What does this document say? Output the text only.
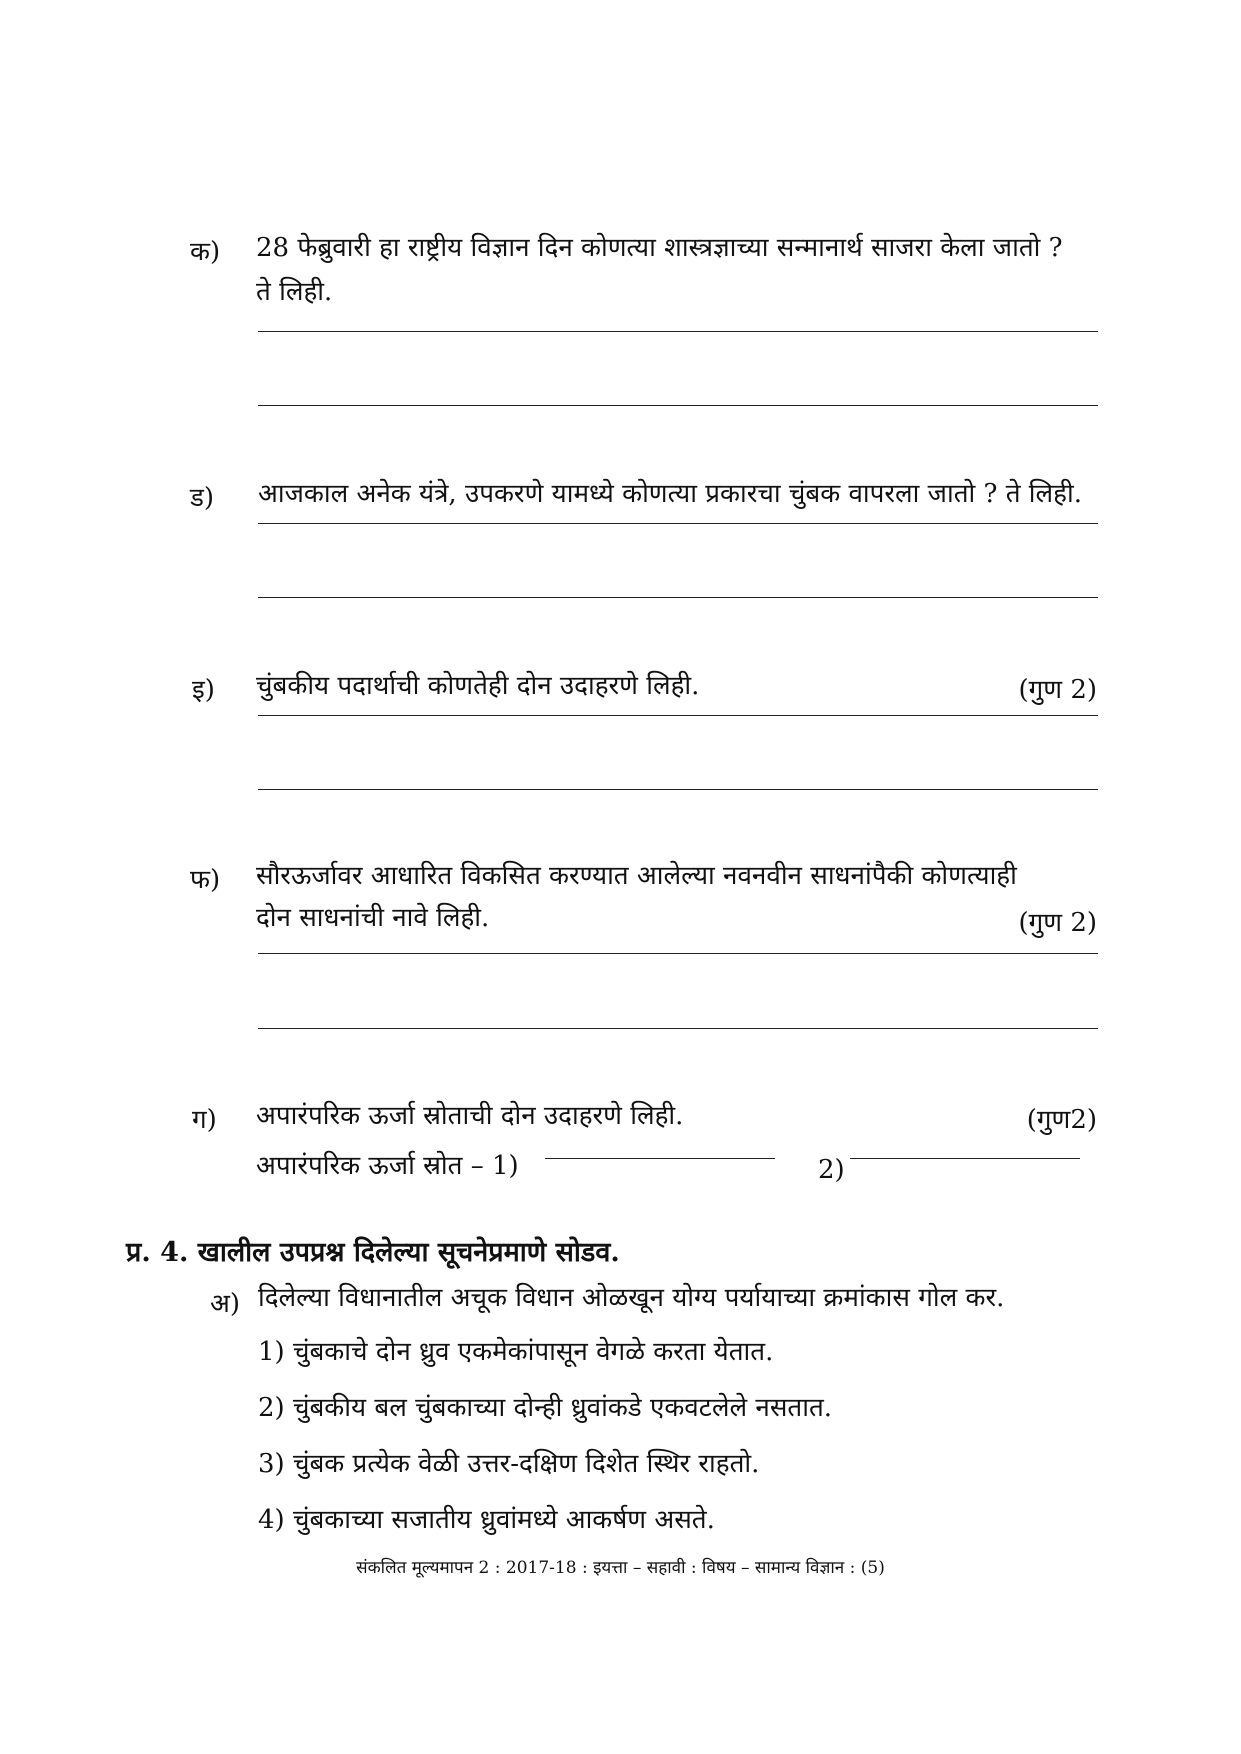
क) 28 फेब्रुवारी हा राष्ट्रीय विज्ञान दिन कोणत्या शास्त्रज्ञाच्या सन्मानार्थ साजरा केला जातो ?
ते लिही.
ड) आजकाल अनेक यंत्रे, उपकरणे यामध्ये कोणत्या प्रकारचा चुंबक वापरला जातो ? ते लिही.
इ) चुंबकीय पदार्थाची कोणतेही दोन उदाहरणे लिही.	(गुण 2)
फ) सौरऊर्जावर आधारित विकसित करण्यात आलेल्या नवनवीन साधनांपैकी कोणत्याही
दोन साधनांची नावे लिही.	(गुण 2)
ग) अपारंपरिक ऊर्जा स्रोताची दोन उदाहरणे लिही.	(गुण2)
अपारंपरिक ऊर्जा स्रोत – 1)	2)
प्र. 4. खालील उपप्रश्न दिलेल्या सूचनेप्रमाणे सोडव.
अ) दिलेल्या विधानातील अचूक विधान ओळखून योग्य पर्यायाच्या क्रमांकास गोल कर.
1) चुंबकाचे दोन ध्रुव एकमेकांपासून वेगळे करता येतात.
2) चुंबकीय बल चुंबकाच्या दोन्ही ध्रुवांकडे एकवटलेले नसतात.
3) चुंबक प्रत्येक वेळी उत्तर-दक्षिण दिशेत स्थिर राहतो.
4) चुंबकाच्या सजातीय ध्रुवांमध्ये आकर्षण असते.
संकलित मूल्यमापन 2 : 2017-18 : इयत्ता – सहावी : विषय – सामान्य विज्ञान : (5)
